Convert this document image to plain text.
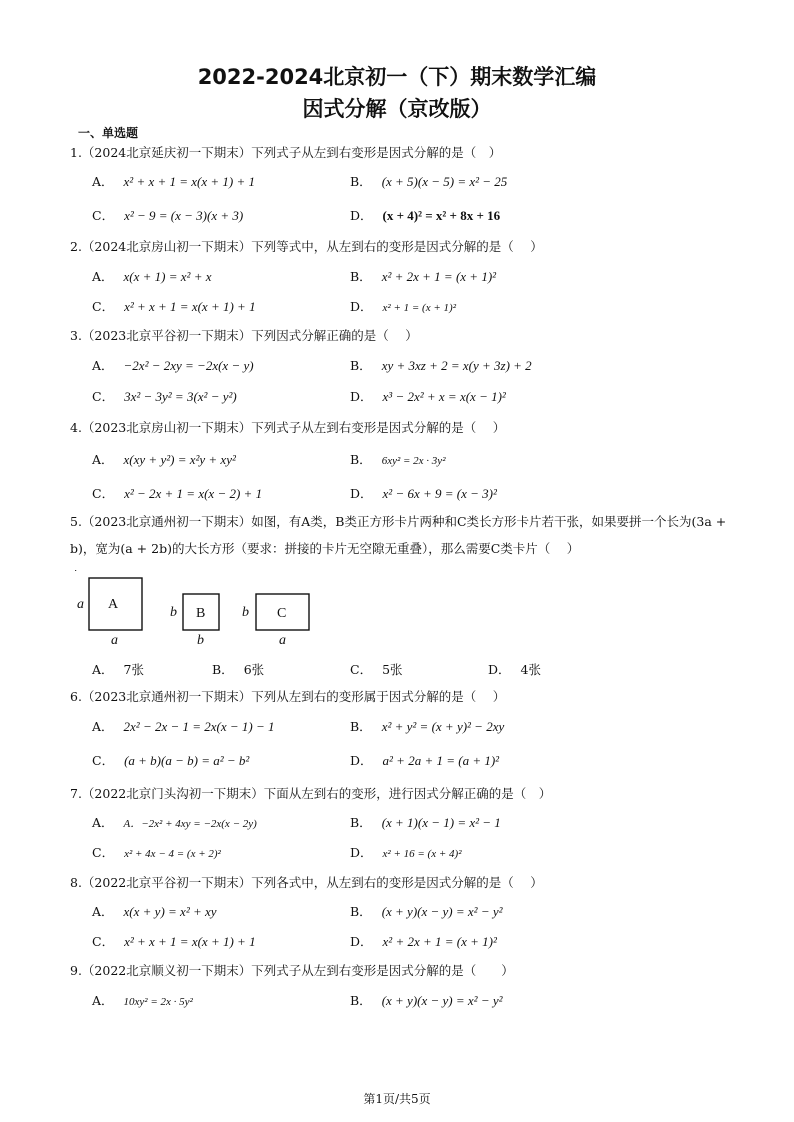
2022-2024北京初一（下）期末数学汇编
因式分解（京改版）
一、单选题
1.（2024北京延庆初一下期末）下列式子从左到右变形是因式分解的是（　）
A． x² + x + 1 = x(x + 1) + 1	B． (x + 5)(x − 5) = x² − 25
C． x² − 9 = (x − 3)(x + 3)	D． (x + 4)² = x² + 8x + 16
2.（2024北京房山初一下期末）下列等式中，从左到右的变形是因式分解的是（　 ）
A． x(x + 1) = x² + x	B． x² + 2x + 1 = (x + 1)²
C． x² + x + 1 = x(x + 1) + 1	D． x² + 1 = (x + 1)²
3.（2023北京平谷初一下期末）下列因式分解正确的是（　 ）
A． −2x² − 2xy = −2x(x − y)	B． xy + 3xz + 2 = x(y + 3z) + 2
C． 3x² − 3y² = 3(x² − y²)	D． x³ − 2x² + x = x(x − 1)²
4.（2023北京房山初一下期末）下列式子从左到右变形是因式分解的是（　 ）
A． x(xy + y²) = x²y + xy²	B． 6xy² = 2x · 3y²
C． x² − 2x + 1 = x(x − 2) + 1	D． x² − 6x + 9 = (x − 3)²
5.（2023北京通州初一下期末）如图，有A类，B类正方形卡片两种和C类长方形卡片若干张，如果要拼一个长为(3a + b)，宽为(a + 2b)的大长方形（要求：拼接的卡片无空隙无重叠），那么需要C类卡片（　 ）
·
A
a
a
B
b
b
C
b
a
A． 7张	B． 6张	C． 5张	D． 4张
6.（2023北京通州初一下期末）下列从左到右的变形属于因式分解的是（　 ）
A． 2x² − 2x − 1 = 2x(x − 1) − 1	B． x² + y² = (x + y)² − 2xy
C． (a + b)(a − b) = a² − b²	D． a² + 2a + 1 = (a + 1)²
7.（2022北京门头沟初一下期末）下面从左到右的变形，进行因式分解正确的是（　）
A． A．−2x² + 4xy = −2x(x − 2y)	B． (x + 1)(x − 1) = x² − 1
C． x² + 4x − 4 = (x + 2)²	D． x² + 16 = (x + 4)²
8.（2022北京平谷初一下期末）下列各式中，从左到右的变形是因式分解的是（　 ）
A． x(x + y) = x² + xy	B． (x + y)(x − y) = x² − y²
C． x² + x + 1 = x(x + 1) + 1	D． x² + 2x + 1 = (x + 1)²
9.（2022北京顺义初一下期末）下列式子从左到右变形是因式分解的是（　　）
A． 10xy² = 2x · 5y²	B． (x + y)(x − y) = x² − y²
第1页/共5页
